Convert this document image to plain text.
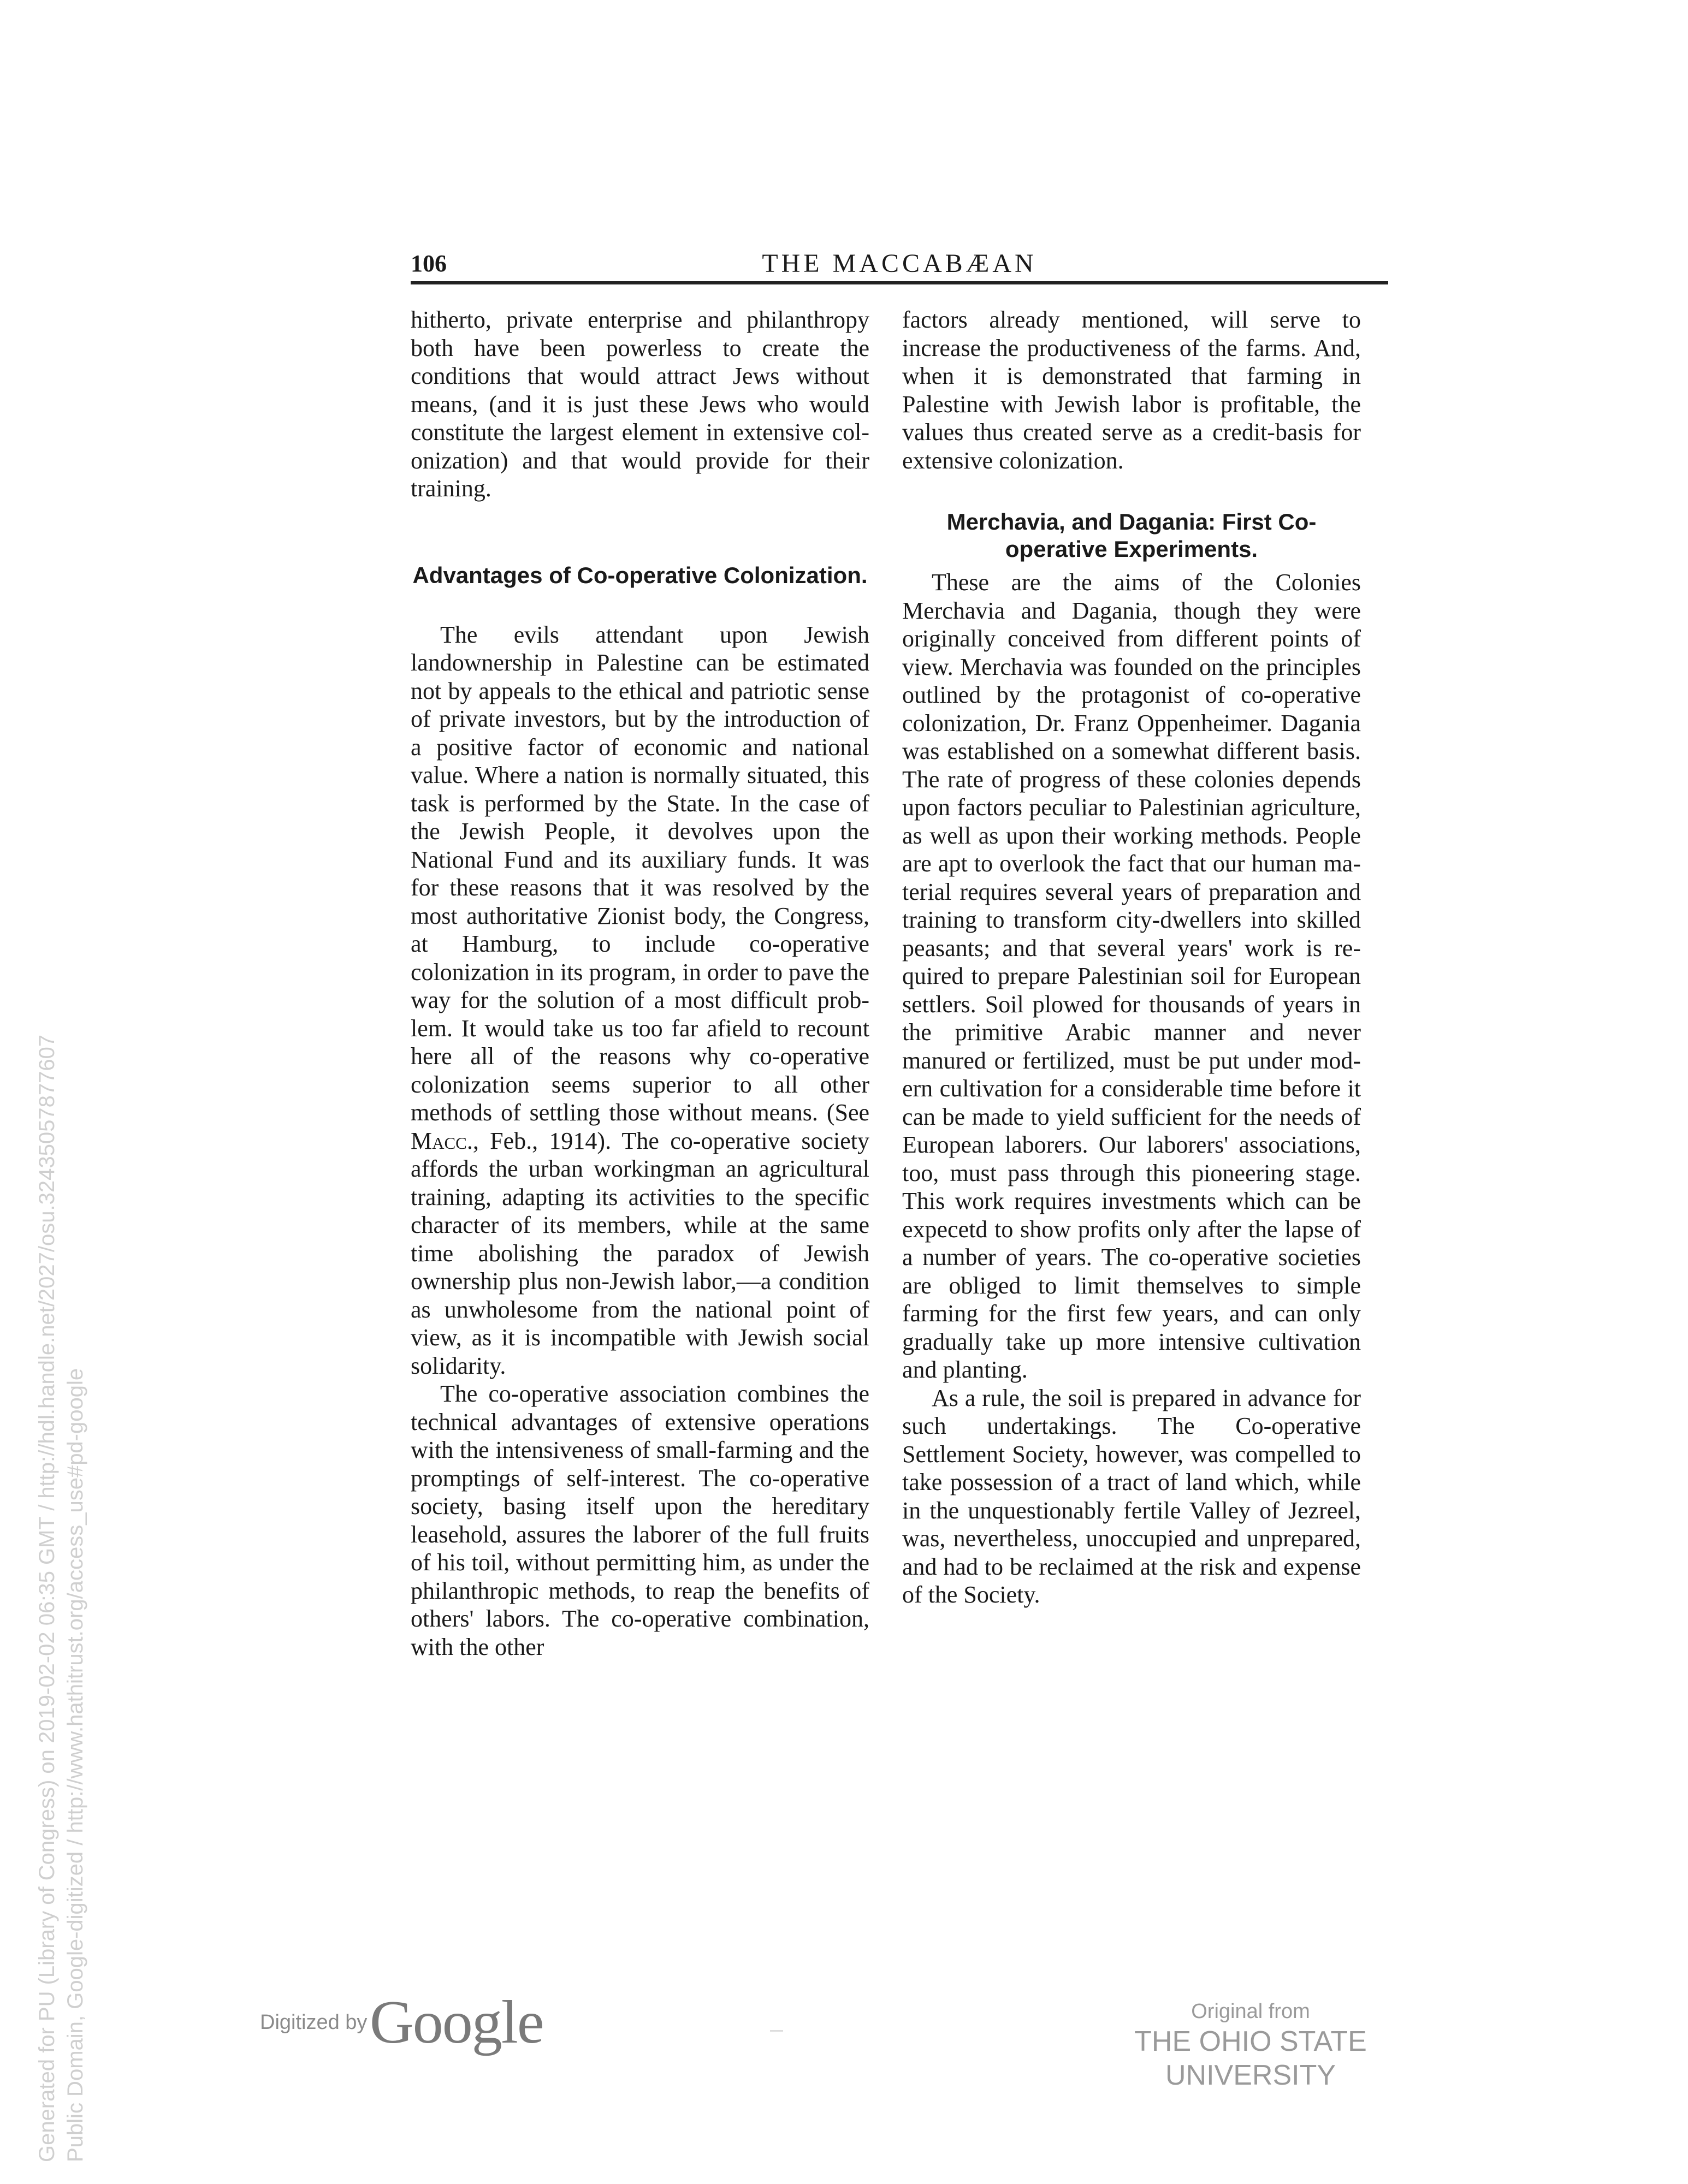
106	THE MACCABÆAN

hitherto, private enterprise and philanthropy both have been powerless to create the conditions that would attract Jews without means, (and it is just these Jews who would constitute the largest element in extensive colonization) and that would provide for their training.

Advantages of Co-operative Colonization.

The evils attendant upon Jewish landownership in Palestine can be estimated not by appeals to the ethical and patriotic sense of private investors, but by the introduction of a positive factor of economic and national value. Where a nation is normally situated, this task is performed by the State. In the case of the Jewish People, it devolves upon the National Fund and its auxiliary funds. It was for these reasons that it was resolved by the most authoritative Zionist body, the Congress, at Hamburg, to include co-operative colonization in its program, in order to pave the way for the solution of a most difficult problem. It would take us too far afield to recount here all of the reasons why co-operative colonization seems superior to all other methods of settling those without means. (See Macc., Feb., 1914). The co-operative society affords the urban workingman an agricultural training, adapting its activities to the specific character of its members, while at the same time abolishing the paradox of Jewish ownership plus non-Jewish labor,—a condition as unwholesome from the national point of view, as it is incompatible with Jewish social solidarity.

The co-operative association combines the technical advantages of extensive operations with the intensiveness of small-farming and the promptings of self-interest. The co-operative society, basing itself upon the hereditary leasehold, assures the laborer of the full fruits of his toil, without permitting him, as under the philanthropic methods, to reap the benefits of others' labors. The co-operative combination, with the other

factors already mentioned, will serve to increase the productiveness of the farms. And, when it is demonstrated that farming in Palestine with Jewish labor is profitable, the values thus created serve as a credit-basis for extensive colonization.

Merchavia, and Dagania: First Co-operative Experiments.

These are the aims of the Colonies Merchavia and Dagania, though they were originally conceived from different points of view. Merchavia was founded on the principles outlined by the protagonist of co-operative colonization, Dr. Franz Oppenheimer. Dagania was established on a somewhat different basis. The rate of progress of these colonies depends upon factors peculiar to Palestinian agriculture, as well as upon their working methods. People are apt to overlook the fact that our human material requires several years of preparation and training to transform city-dwellers into skilled peasants; and that several years' work is required to prepare Palestinian soil for European settlers. Soil plowed for thousands of years in the primitive Arabic manner and never manured or fertilized, must be put under modern cultivation for a considerable time before it can be made to yield sufficient for the needs of European laborers. Our laborers' associations, too, must pass through this pioneering stage. This work requires investments which can be expecetd to show profits only after the lapse of a number of years. The co-operative societies are obliged to limit themselves to simple farming for the first few years, and can only gradually take up more intensive cultivation and planting.

As a rule, the soil is prepared in advance for such undertakings. The Co-operative Settlement Society, however, was compelled to take possession of a tract of land which, while in the unquestionably fertile Valley of Jezreel, was, nevertheless, unoccupied and unprepared, and had to be reclaimed at the risk and expense of the Society.

Generated for PU (Library of Congress) on 2019-02-02 06:35 GMT / http://hdl.handle.net/2027/osu.32435057877607 Public Domain, Google-digitized / http://www.hathitrust.org/access_use#pd-google	Digitized by Google	Original from
THE OHIO STATE UNIVERSITY
